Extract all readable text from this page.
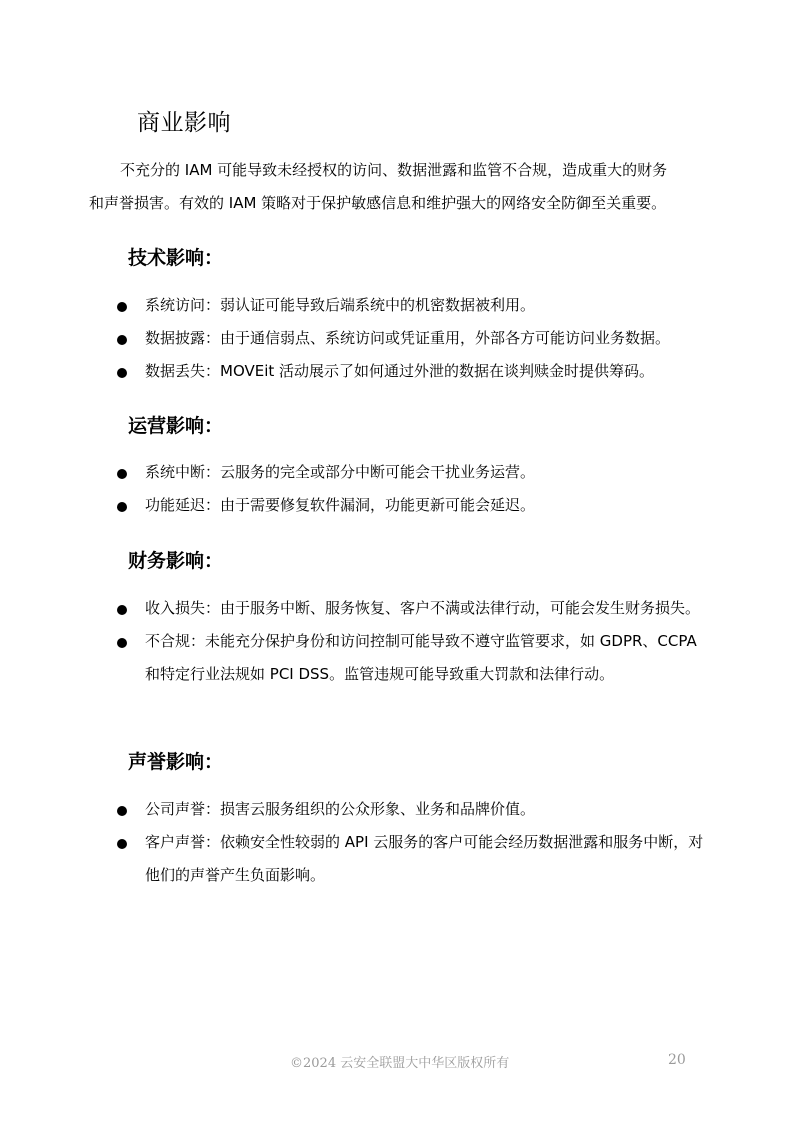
商业影响

不充分的 IAM 可能导致未经授权的访问、数据泄露和监管不合规，造成重大的财务
和声誉损害。有效的 IAM 策略对于保护敏感信息和维护强大的网络安全防御至关重要。

技术影响：
系统访问：弱认证可能导致后端系统中的机密数据被利用。
数据披露：由于通信弱点、系统访问或凭证重用，外部各方可能访问业务数据。
数据丢失：MOVEit 活动展示了如何通过外泄的数据在谈判赎金时提供筹码。
运营影响：
系统中断：云服务的完全或部分中断可能会干扰业务运营。
功能延迟：由于需要修复软件漏洞，功能更新可能会延迟。
财务影响：
收入损失：由于服务中断、服务恢复、客户不满或法律行动，可能会发生财务损失。
不合规：未能充分保护身份和访问控制可能导致不遵守监管要求，如 GDPR、CCPA 和特定行业法规如 PCI DSS。监管违规可能导致重大罚款和法律行动。
声誉影响：
公司声誉：损害云服务组织的公众形象、业务和品牌价值。
客户声誉：依赖安全性较弱的 API 云服务的客户可能会经历数据泄露和服务中断，对他们的声誉产生负面影响。
©2024 云安全联盟大中华区版权所有	20
